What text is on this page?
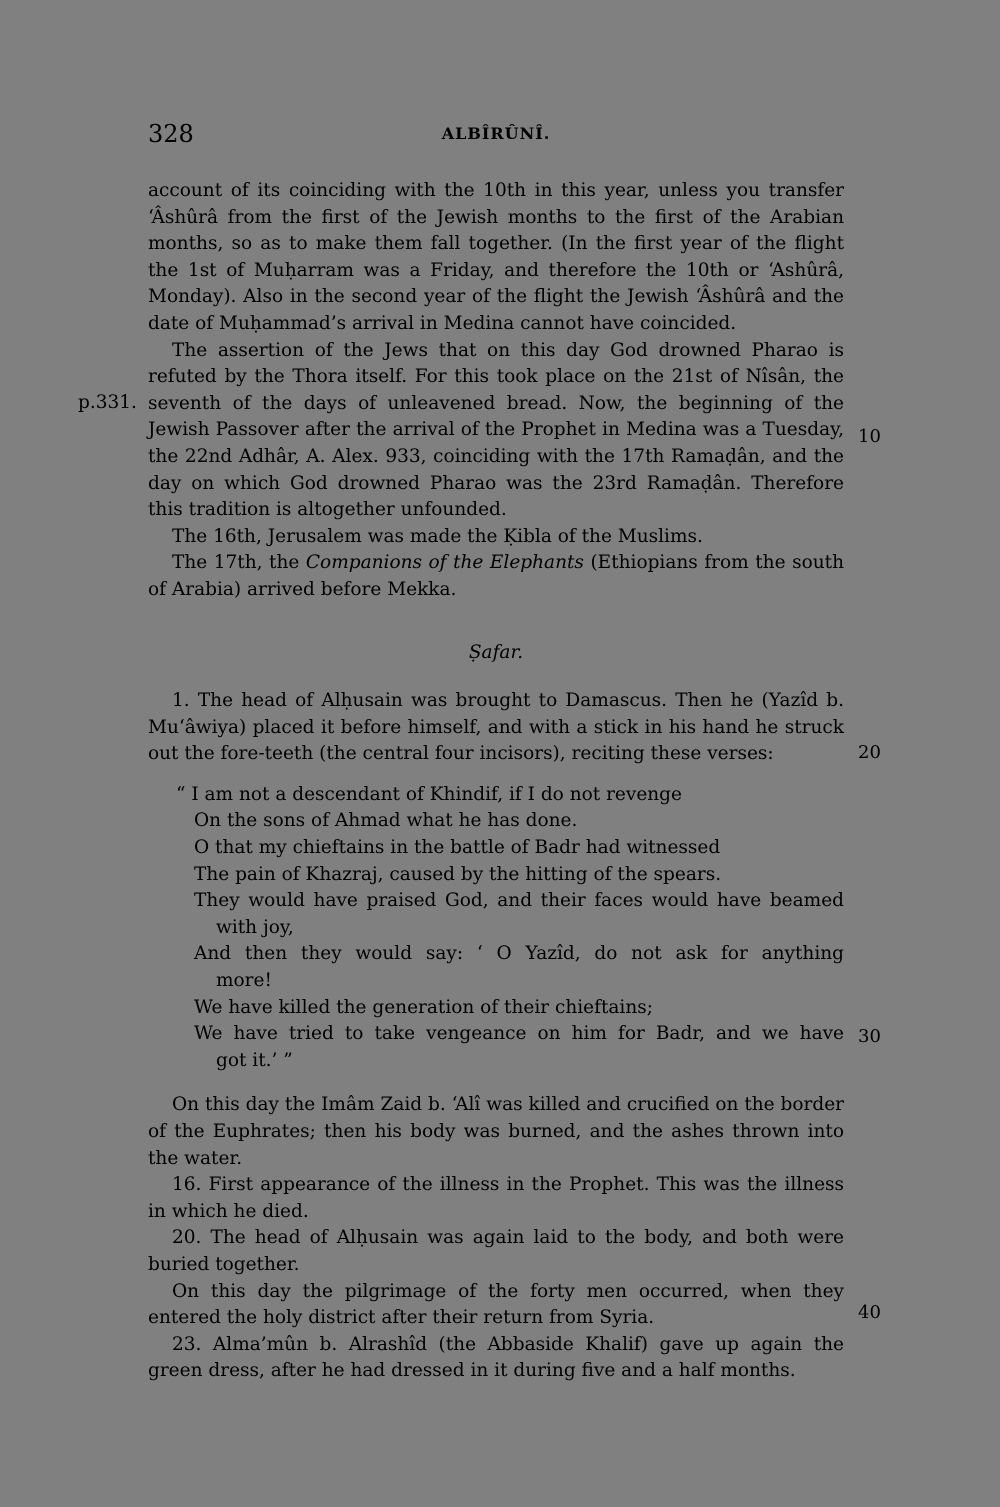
328	ALBÎRÛNÎ.
p.331.
10
20
30
40

account of its coinciding with the 10th in this year, unless you transfer ‘Âshûrâ from the first of the Jewish months to the first of the Arabian months, so as to make them fall together. (In the first year of the flight the 1st of Muḥarram was a Friday, and therefore the 10th or ‘Ashûrâ, Monday). Also in the second year of the flight the Jewish ‘Âshûrâ and the date of Muḥammad’s arrival in Medina cannot have coincided.

The assertion of the Jews that on this day God drowned Pharao is refuted by the Thora itself. For this took place on the 21st of Nîsân, the seventh of the days of unleavened bread. Now, the beginning of the Jewish Passover after the arrival of the Prophet in Medina was a Tuesday, the 22nd Adhâr, A. Alex. 933, coinciding with the 17th Ramaḍân, and the day on which God drowned Pharao was the 23rd Ramaḍân. Therefore this tradition is altogether unfounded.

The 16th, Jerusalem was made the Ḳibla of the Muslims.

The 17th, the Companions of the Elephants (Ethiopians from the south of Arabia) arrived before Mekka.

Ṣafar.

1. The head of Alḥusain was brought to Damascus. Then he (Yazîd b. Mu‘âwiya) placed it before himself, and with a stick in his hand he struck out the fore-teeth (the central four incisors), reciting these verses:

“ I am not a descendant of Khindif, if I do not revenge
On the sons of Ahmad what he has done.
O that my chieftains in the battle of Badr had witnessed
The pain of Khazraj, caused by the hitting of the spears.
They would have praised God, and their faces would have beamed
with joy,
And then they would say: ‘ O Yazîd, do not ask for anything
more!
We have killed the generation of their chieftains;
We have tried to take vengeance on him for Badr, and we have
got it.’ ”

On this day the Imâm Zaid b. ‘Alî was killed and crucified on the border of the Euphrates; then his body was burned, and the ashes thrown into the water.

16. First appearance of the illness in the Prophet. This was the illness in which he died.

20. The head of Alḥusain was again laid to the body, and both were buried together.

On this day the pilgrimage of the forty men occurred, when they entered the holy district after their return from Syria.

23. Alma’mûn b. Alrashîd (the Abbaside Khalif) gave up again the green dress, after he had dressed in it during five and a half months.
